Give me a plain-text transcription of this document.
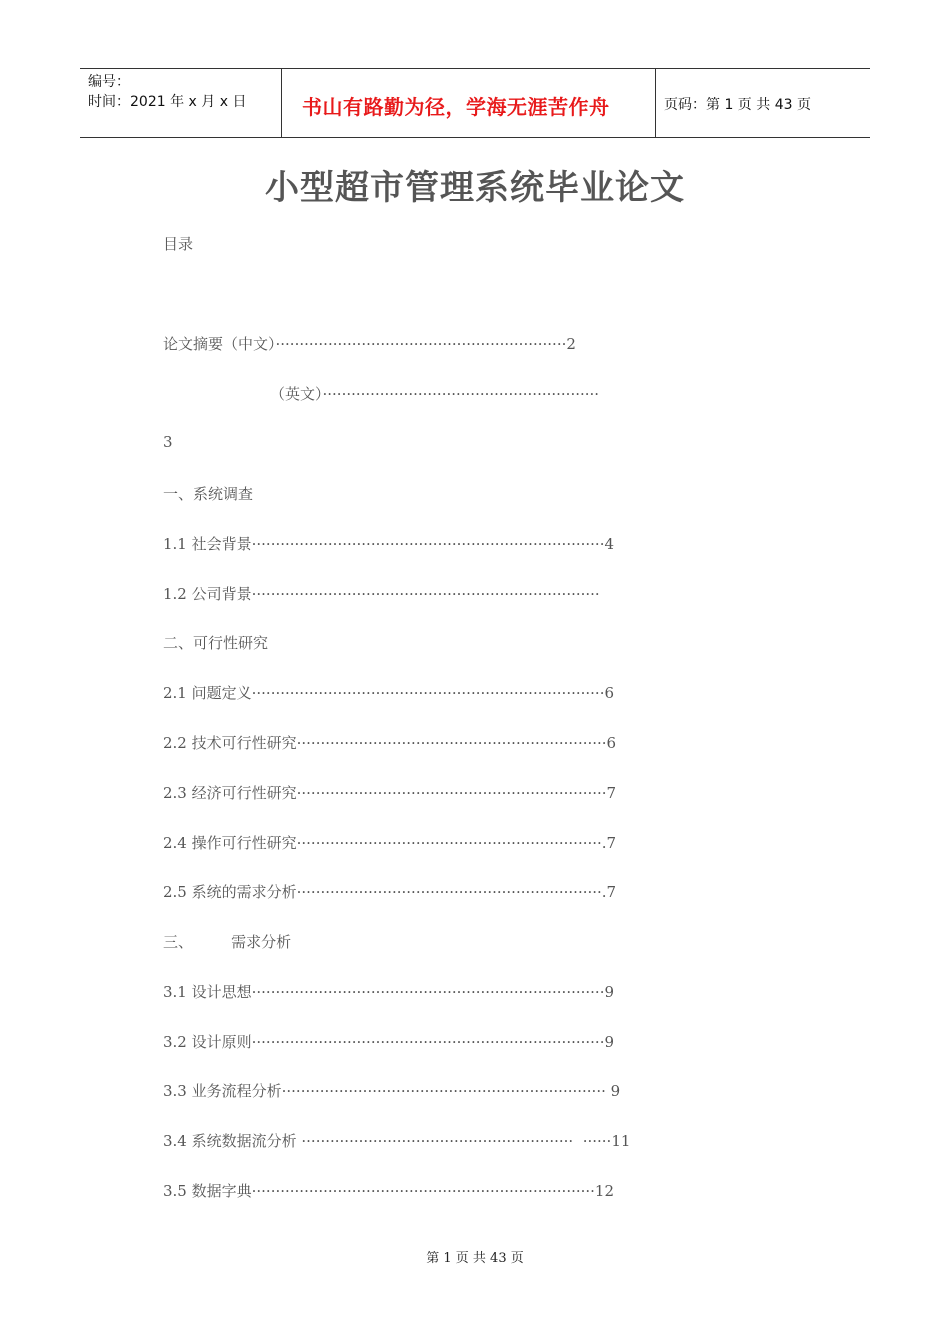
编号：
时间：2021 年 x 月 x 日	书山有路勤为径，学海无涯苦作舟	页码：第 1 页 共 43 页
小型超市管理系统毕业论文
目录
论文摘要（中文）·····························································2
（英文）··························································
3
一、系统调查
1.1 社会背景··········································································4
1.2 公司背景·········································································
二、可行性研究
2.1 问题定义··········································································6
2.2 技术可行性研究·································································6
2.3 经济可行性研究·································································7
2.4 操作可行性研究································································.7
2.5 系统的需求分析································································.7
三、        需求分析
3.1 设计思想··········································································9
3.2 设计原则··········································································9
3.3 业务流程分析···································································· 9
3.4 系统数据流分析 ·························································  ······11
3.5 数据字典········································································12
第 1 页 共 43 页
